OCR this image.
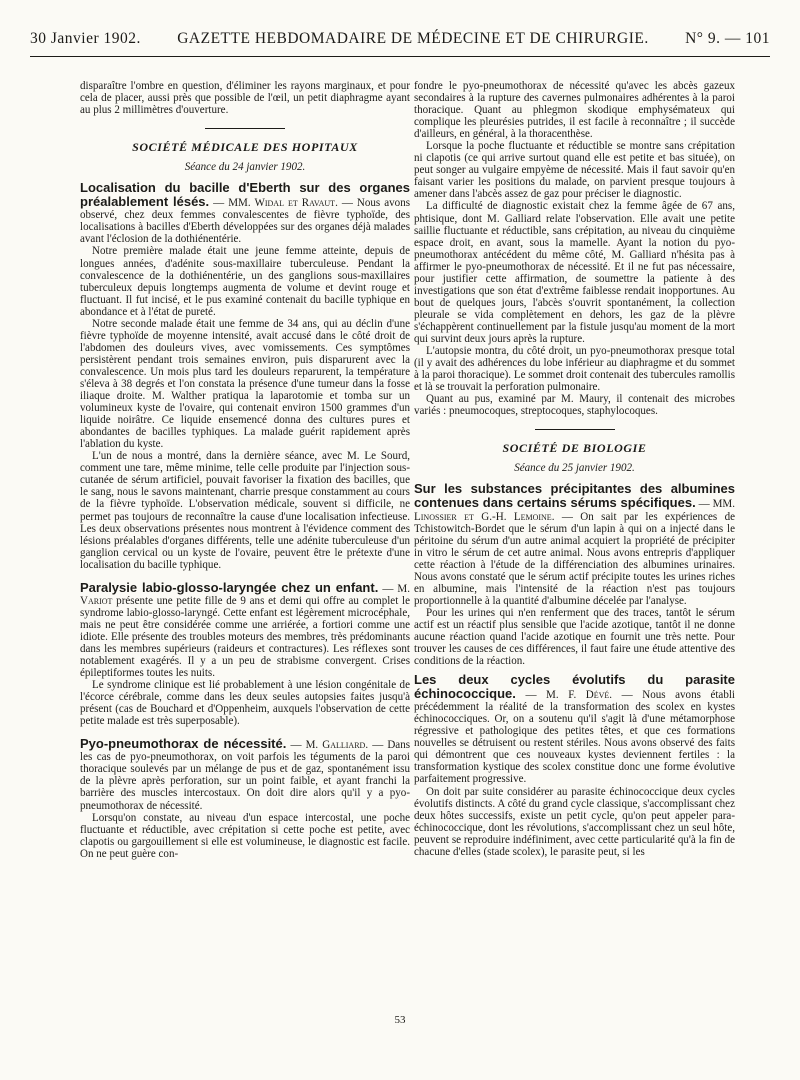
30 Janvier 1902. GAZETTE HEBDOMADAIRE DE MÉDECINE ET DE CHIRURGIE. N° 9. — 101

disparaître l'ombre en question, d'éliminer les rayons marginaux, et pour cela de placer, aussi près que possible de l'œil, un petit diaphragme ayant au plus 2 millimètres d'ouverture.

SOCIÉTÉ MÉDICALE DES HOPITAUX
Séance du 24 janvier 1902.

Localisation du bacille d'Eberth sur des organes préalablement lésés. — MM. Widal et Ravaut. — Nous avons observé, chez deux femmes convalescentes de fièvre typhoïde, des localisations à bacilles d'Eberth développées sur des organes déjà malades avant l'éclosion de la dothiénentérie.

Notre première malade était une jeune femme atteinte, depuis de longues années, d'adénite sous-maxillaire tuberculeuse. Pendant la convalescence de la dothiénentérie, un des ganglions sous-maxillaires tuberculeux depuis longtemps augmenta de volume et devint rouge et fluctuant. Il fut incisé, et le pus examiné contenait du bacille typhique en abondance et à l'état de pureté.

Notre seconde malade était une femme de 34 ans, qui au déclin d'une fièvre typhoïde de moyenne intensité, avait accusé dans le côté droit de l'abdomen des douleurs vives, avec vomissements. Ces symptômes persistèrent pendant trois semaines environ, puis disparurent avec la convalescence. Un mois plus tard les douleurs reparurent, la température s'éleva à 38 degrés et l'on constata la présence d'une tumeur dans la fosse iliaque droite. M. Walther pratiqua la laparotomie et tomba sur un volumineux kyste de l'ovaire, qui contenait environ 1500 grammes d'un liquide noirâtre. Ce liquide ensemencé donna des cultures pures et abondantes de bacilles typhiques. La malade guérit rapidement après l'ablation du kyste.

L'un de nous a montré, dans la dernière séance, avec M. Le Sourd, comment une tare, même minime, telle celle produite par l'injection sous-cutanée de sérum artificiel, pouvait favoriser la fixation des bacilles, que le sang, nous le savons maintenant, charrie presque constamment au cours de la fièvre typhoïde. L'observation médicale, souvent si difficile, ne permet pas toujours de reconnaître la cause d'une localisation infectieuse. Les deux observations présentes nous montrent à l'évidence comment des lésions préalables d'organes différents, telle une adénite tuberculeuse d'un ganglion cervical ou un kyste de l'ovaire, peuvent être le prétexte d'une localisation du bacille typhique.

Paralysie labio-glosso-laryngée chez un enfant. — M. Variot présente une petite fille de 9 ans et demi qui offre au complet le syndrome labio-glosso-laryngé. Cette enfant est légèrement microcéphale, mais ne peut être considérée comme une arriérée, a fortiori comme une idiote. Elle présente des troubles moteurs des membres, très prédominants dans les membres supérieurs (raideurs et contractures). Les réflexes sont notablement exagérés. Il y a un peu de strabisme convergent. Crises épileptiformes toutes les nuits.

Le syndrome clinique est lié probablement à une lésion congénitale de l'écorce cérébrale, comme dans les deux seules autopsies faites jusqu'à présent (cas de Bouchard et d'Oppenheim, auxquels l'observation de cette petite malade est très superposable).

Pyo-pneumothorax de nécessité. — M. Galliard. — Dans les cas de pyo-pneumothorax, on voit parfois les téguments de la paroi thoracique soulevés par un mélange de pus et de gaz, spontanément issu de la plèvre après perforation, sur un point faible, et ayant franchi la barrière des muscles intercostaux. On doit dire alors qu'il y a pyo-pneumothorax de nécessité.

Lorsqu'on constate, au niveau d'un espace intercostal, une poche fluctuante et réductible, avec crépitation si cette poche est petite, avec clapotis ou gargouillement si elle est volumineuse, le diagnostic est facile. On ne peut guère con-

fondre le pyo-pneumothorax de nécessité qu'avec les abcès gazeux secondaires à la rupture des cavernes pulmonaires adhérentes à la paroi thoracique. Quant au phlegmon skodique emphysémateux qui complique les pleurésies putrides, il est facile à reconnaître ; il succède d'ailleurs, en général, à la thoracenthèse.

Lorsque la poche fluctuante et réductible se montre sans crépitation ni clapotis (ce qui arrive surtout quand elle est petite et bas située), on peut songer au vulgaire empyème de nécessité. Mais il faut savoir qu'en faisant varier les positions du malade, on parvient presque toujours à amener dans l'abcès assez de gaz pour préciser le diagnostic.

La difficulté de diagnostic existait chez la femme âgée de 67 ans, phtisique, dont M. Galliard relate l'observation. Elle avait une petite saillie fluctuante et réductible, sans crépitation, au niveau du cinquième espace droit, en avant, sous la mamelle. Ayant la notion du pyo-pneumothorax antécédent du même côté, M. Galliard n'hésita pas à affirmer le pyo-pneumothorax de nécessité. Et il ne fut pas nécessaire, pour justifier cette affirmation, de soumettre la patiente à des investigations que son état d'extrême faiblesse rendait inopportunes. Au bout de quelques jours, l'abcès s'ouvrit spontanément, la collection pleurale se vida complètement en dehors, les gaz de la plèvre s'échappèrent continuellement par la fistule jusqu'au moment de la mort qui survint deux jours après la rupture.

L'autopsie montra, du côté droit, un pyo-pneumothorax presque total (il y avait des adhérences du lobe inférieur au diaphragme et du sommet à la paroi thoracique). Le sommet droit contenait des tubercules ramollis et là se trouvait la perforation pulmonaire.

Quant au pus, examiné par M. Maury, il contenait des microbes variés : pneumocoques, streptocoques, staphylocoques.

SOCIÉTÉ DE BIOLOGIE
Séance du 25 janvier 1902.

Sur les substances précipitantes des albumines contenues dans certains sérums spécifiques. — MM. Linossier et G.-H. Lemoine. — On sait par les expériences de Tchistowitch-Bordet que le sérum d'un lapin à qui on a injecté dans le péritoine du sérum d'un autre animal acquiert la propriété de précipiter in vitro le sérum de cet autre animal. Nous avons entrepris d'appliquer cette réaction à l'étude de la différenciation des albumines urinaires. Nous avons constaté que le sérum actif précipite toutes les urines riches en albumine, mais l'intensité de la réaction n'est pas toujours proportionnelle à la quantité d'albumine décelée par l'analyse.

Pour les urines qui n'en renferment que des traces, tantôt le sérum actif est un réactif plus sensible que l'acide azotique, tantôt il ne donne aucune réaction quand l'acide azotique en fournit une très nette. Pour trouver les causes de ces différences, il faut faire une étude attentive des conditions de la réaction.

Les deux cycles évolutifs du parasite échinococcique. — M. F. Dévé. — Nous avons établi précédemment la réalité de la transformation des scolex en kystes échinococciques. Or, on a soutenu qu'il s'agit là d'une métamorphose régressive et pathologique des petites têtes, et que ces formations nouvelles se détruisent ou restent stériles. Nous avons observé des faits qui démontrent que ces nouveaux kystes deviennent fertiles : la transformation kystique des scolex constitue donc une forme évolutive parfaitement progressive.

On doit par suite considérer au parasite échinococcique deux cycles évolutifs distincts. A côté du grand cycle classique, s'accomplissant chez deux hôtes successifs, existe un petit cycle, qu'on peut appeler para-échinococcique, dont les révolutions, s'accomplissant chez un seul hôte, peuvent se reproduire indéfiniment, avec cette particularité qu'à la fin de chacune d'elles (stade scolex), le parasite peut, si les

53
